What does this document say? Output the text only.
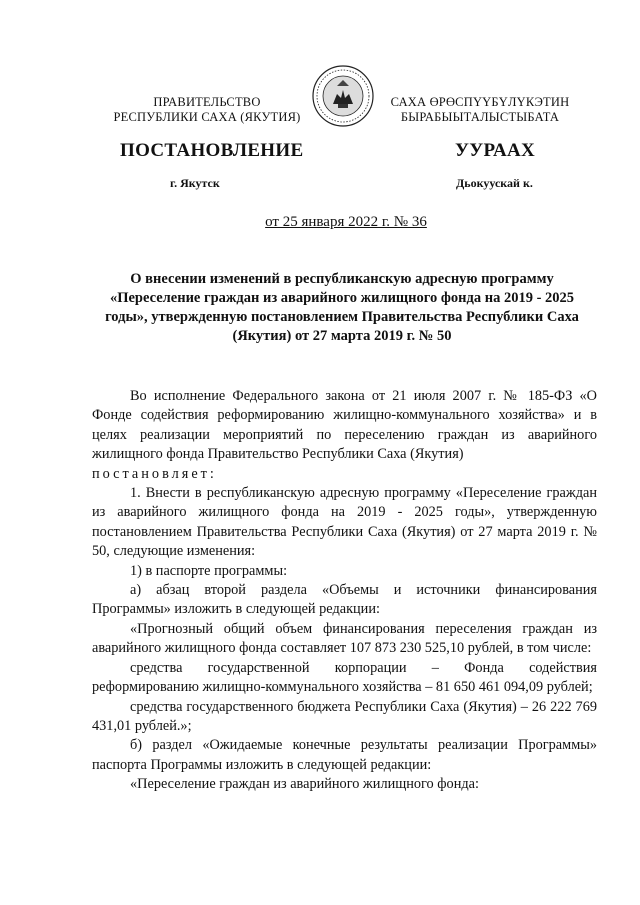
ПРАВИТЕЛЬСТВО
РЕСПУБЛИКИ САХА (ЯКУТИЯ)
САХА ӨРӨСПҮҮБҮЛҮКЭТИН
БЫРАБЫЫТАЛЫСТЫБАТА
ПОСТАНОВЛЕНИЕ	УУРААХ
г. Якутск	Дьокуускай к.
от 25 января 2022 г. № 36
О внесении изменений в республиканскую адресную программу «Переселение граждан из аварийного жилищного фонда на 2019 - 2025 годы», утвержденную постановлением Правительства Республики Саха (Якутия) от 27 марта 2019 г. № 50

Во исполнение Федерального закона от 21 июля 2007 г. № 185-ФЗ «О Фонде содействия реформированию жилищно-коммунального хозяйства» и в целях реализации мероприятий по переселению граждан из аварийного жилищного фонда Правительство Республики Саха (Якутия)
постановляет:

1. Внести в республиканскую адресную программу «Переселение граждан из аварийного жилищного фонда на 2019 - 2025 годы», утвержденную постановлением Правительства Республики Саха (Якутия) от 27 марта 2019 г. № 50, следующие изменения:

1) в паспорте программы:

а) абзац второй раздела «Объемы и источники финансирования Программы» изложить в следующей редакции:

«Прогнозный общий объем финансирования переселения граждан из аварийного жилищного фонда составляет 107 873 230 525,10 рублей, в том числе:

средства государственной корпорации – Фонда содействия реформированию жилищно-коммунального хозяйства – 81 650 461 094,09 рублей;

средства государственного бюджета Республики Саха (Якутия) – 26 222 769 431,01 рублей.»;

б) раздел «Ожидаемые конечные результаты реализации Программы» паспорта Программы изложить в следующей редакции:

«Переселение граждан из аварийного жилищного фонда:
